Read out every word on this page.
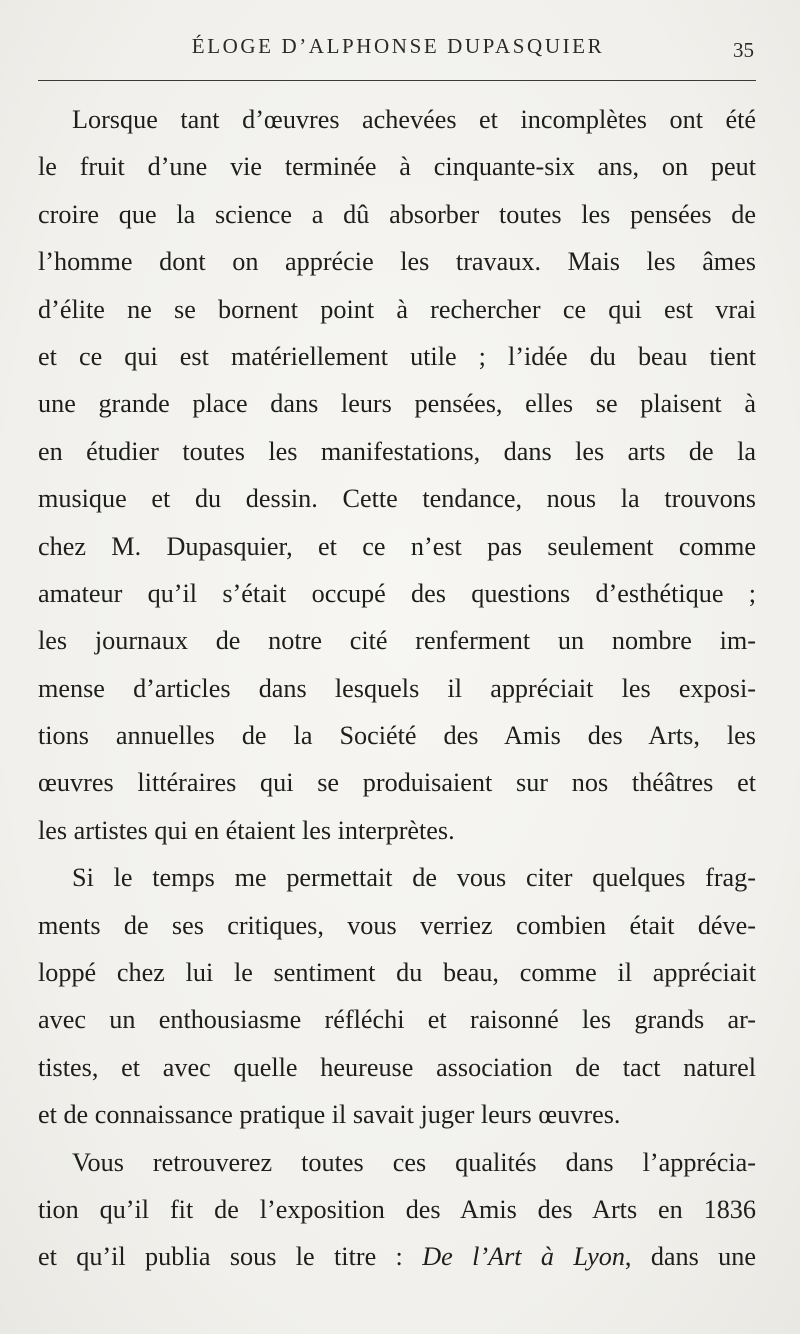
ÉLOGE D’ALPHONSE DUPASQUIER	35
Lorsque tant d’œuvres achevées et incomplètes ont été
le fruit d’une vie terminée à cinquante-six ans, on peut
croire que la science a dû absorber toutes les pensées de
l’homme dont on apprécie les travaux. Mais les âmes
d’élite ne se bornent point à rechercher ce qui est vrai
et ce qui est matériellement utile ; l’idée du beau tient
une grande place dans leurs pensées, elles se plaisent à
en étudier toutes les manifestations, dans les arts de la
musique et du dessin. Cette tendance, nous la trouvons
chez M. Dupasquier, et ce n’est pas seulement comme
amateur qu’il s’était occupé des questions d’esthétique ;
les journaux de notre cité renferment un nombre im-
mense d’articles dans lesquels il appréciait les exposi-
tions annuelles de la Société des Amis des Arts, les
œuvres littéraires qui se produisaient sur nos théâtres et
les artistes qui en étaient les interprètes.
Si le temps me permettait de vous citer quelques frag-
ments de ses critiques, vous verriez combien était déve-
loppé chez lui le sentiment du beau, comme il appréciait
avec un enthousiasme réfléchi et raisonné les grands ar-
tistes, et avec quelle heureuse association de tact naturel
et de connaissance pratique il savait juger leurs œuvres.
Vous retrouverez toutes ces qualités dans l’apprécia-
tion qu’il fit de l’exposition des Amis des Arts en 1836
et qu’il publia sous le titre : De l’Art à Lyon, dans une
